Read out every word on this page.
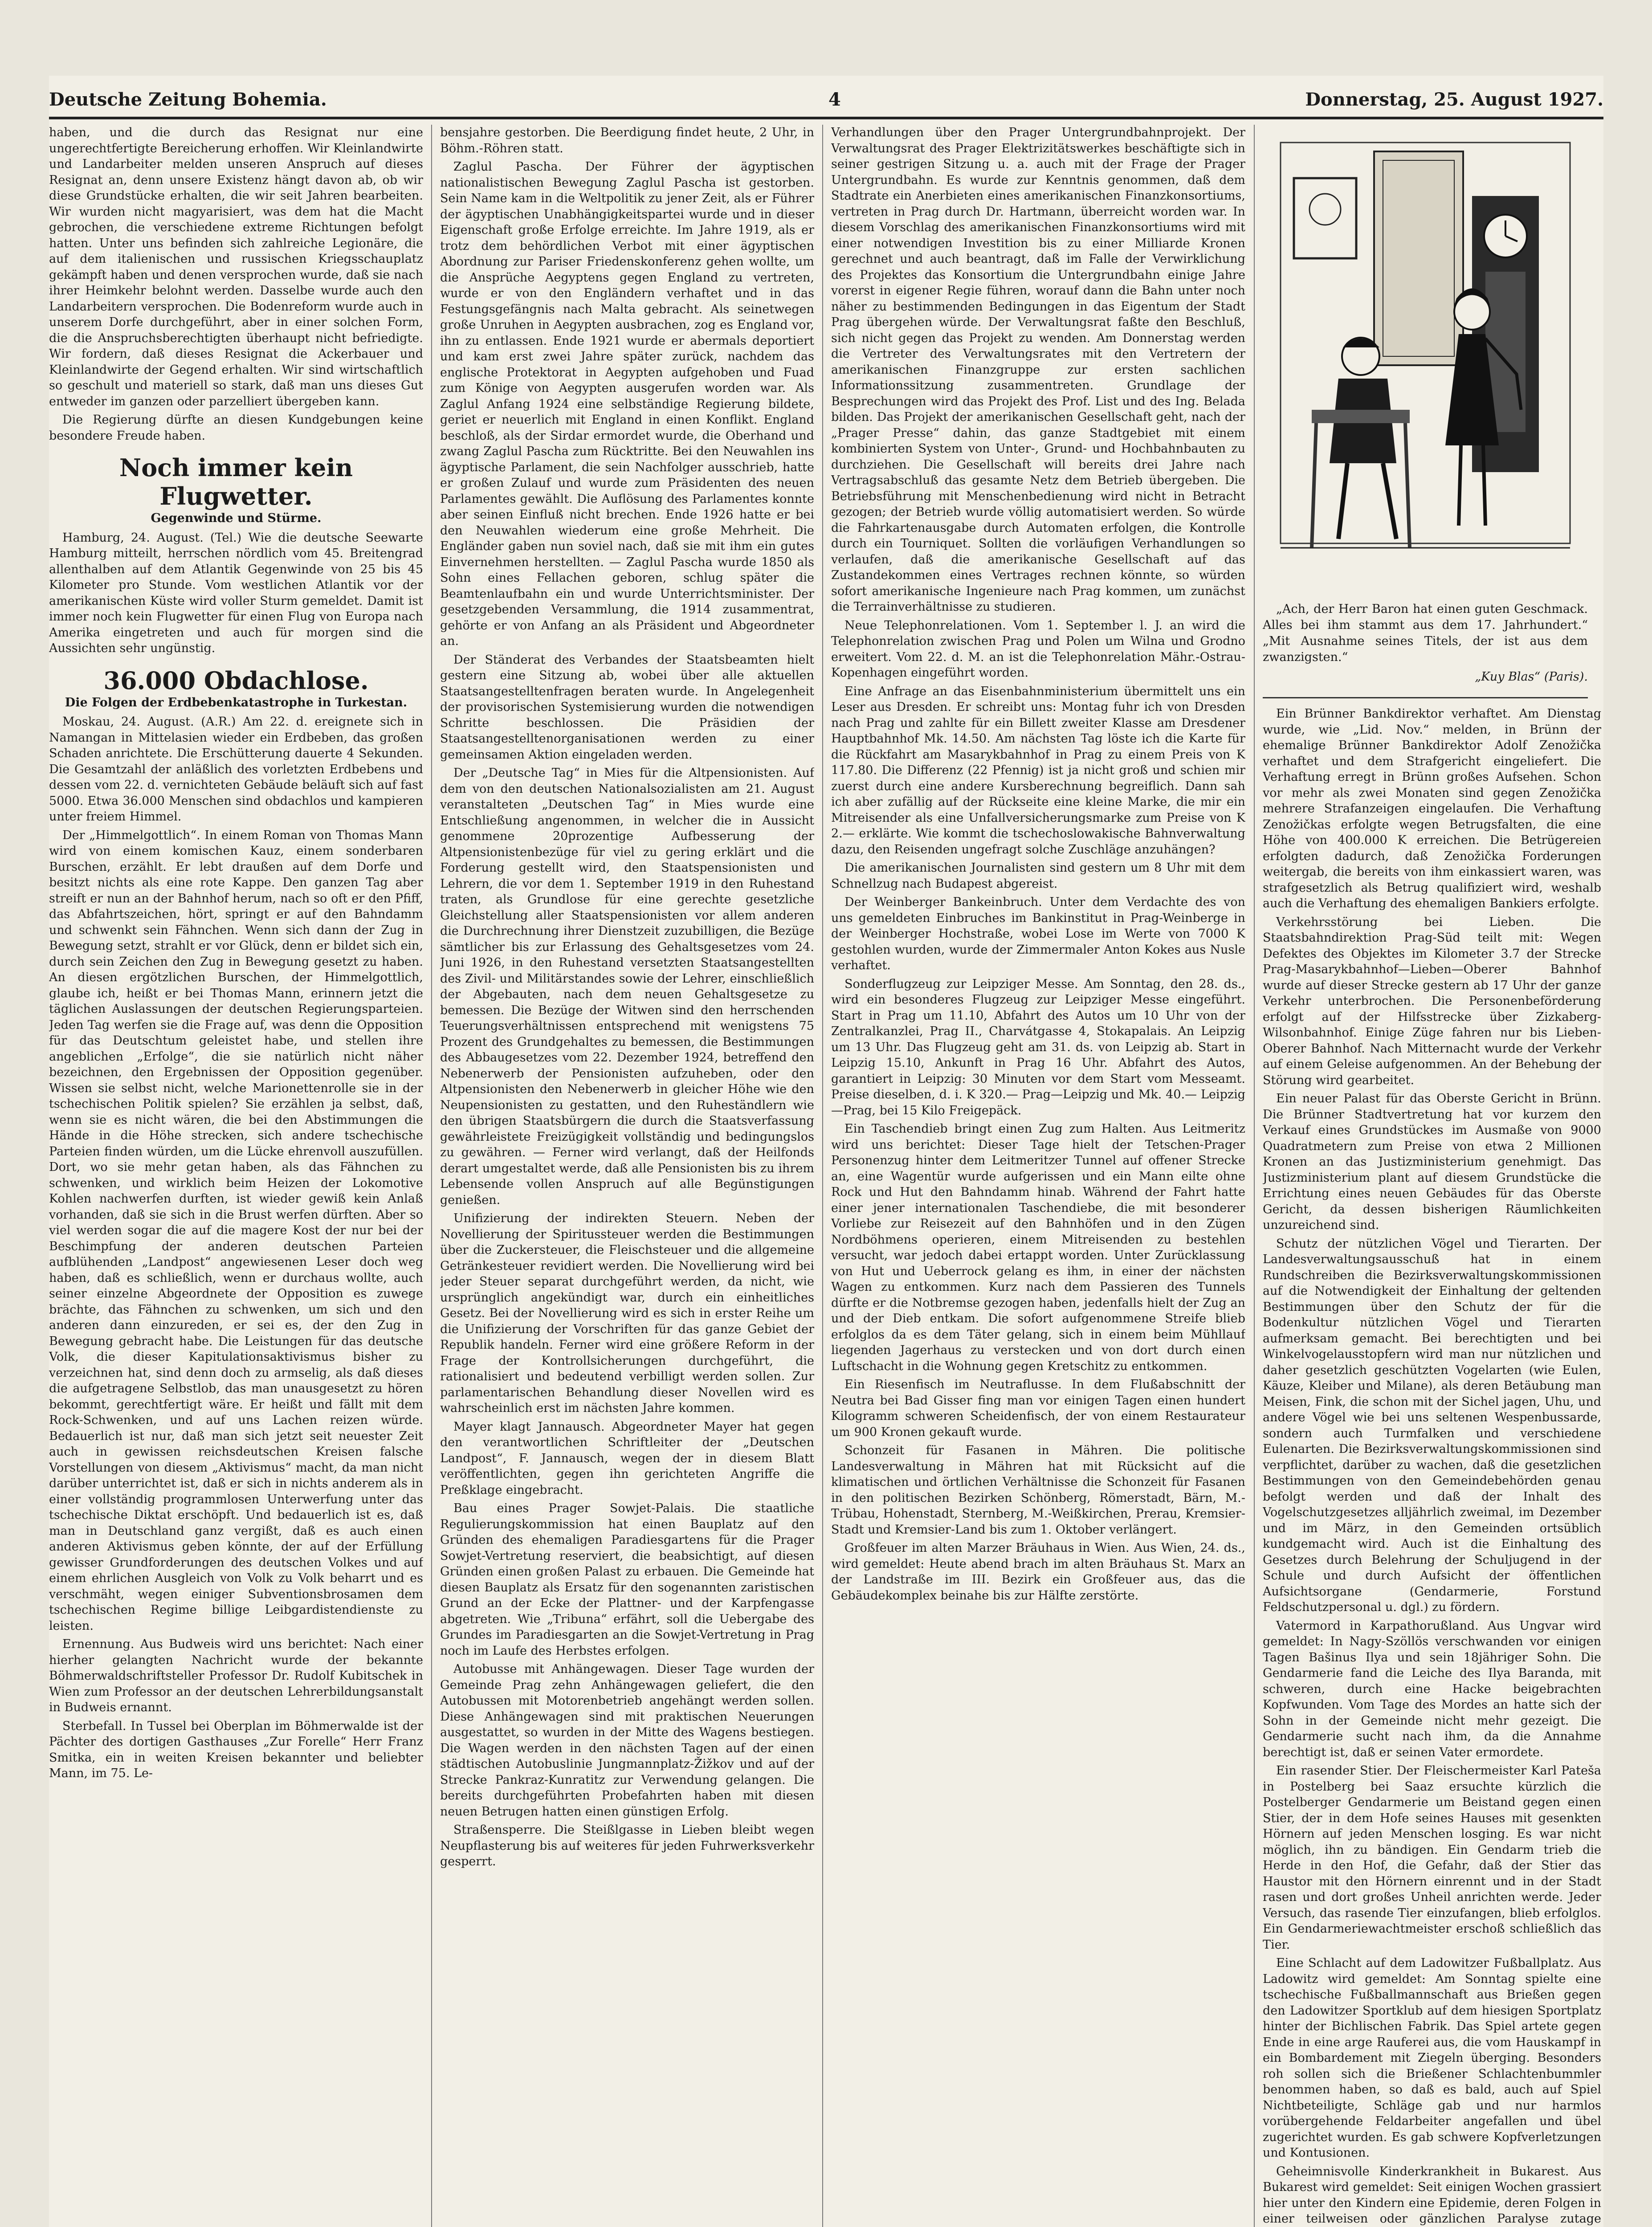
Deutsche Zeitung Bohemia.	4	Donnerstag, 25. August 1927.

haben, und die durch das Resignat nur eine ungerechtfertigte Bereicherung erhoffen. Wir Kleinlandwirte und Landarbeiter melden unseren Anspruch auf dieses Resignat an, denn unsere Existenz hängt davon ab, ob wir diese Grundstücke erhalten, die wir seit Jahren bearbeiten. Wir wurden nicht magyarisiert, was dem hat die Macht gebrochen, die verschiedene extreme Richtungen befolgt hatten. Unter uns befinden sich zahlreiche Legionäre, die auf dem italienischen und russischen Kriegsschauplatz gekämpft haben und denen versprochen wurde, daß sie nach ihrer Heimkehr belohnt werden. Dasselbe wurde auch den Landarbeitern versprochen. Die Bodenreform wurde auch in unserem Dorfe durchgeführt, aber in einer solchen Form, die die Anspruchsberechtigten überhaupt nicht befriedigte. Wir fordern, daß dieses Resignat die Ackerbauer und Kleinlandwirte der Gegend erhalten. Wir sind wirtschaftlich so geschult und materiell so stark, daß man uns dieses Gut entweder im ganzen oder parzelliert übergeben kann.

Die Regierung dürfte an diesen Kundgebungen keine besondere Freude haben.

Noch immer kein Flugwetter.
Gegenwinde und Stürme.

Hamburg, 24. August. (Tel.) Wie die deutsche Seewarte Hamburg mitteilt, herrschen nördlich vom 45. Breitengrad allenthalben auf dem Atlantik Gegenwinde von 25 bis 45 Kilometer pro Stunde. Vom westlichen Atlantik vor der amerikanischen Küste wird voller Sturm gemeldet. Damit ist immer noch kein Flugwetter für einen Flug von Europa nach Amerika eingetreten und auch für morgen sind die Aussichten sehr ungünstig.

36.000 Obdachlose.
Die Folgen der Erdbebenkatastrophe in Turkestan.

Moskau, 24. August. (A.R.) Am 22. d. ereignete sich in Namangan in Mittelasien wieder ein Erdbeben, das großen Schaden anrichtete. Die Erschütterung dauerte 4 Sekunden. Die Gesamtzahl der anläßlich des vorletzten Erdbebens und dessen vom 22. d. vernichteten Gebäude beläuft sich auf fast 5000. Etwa 36.000 Menschen sind obdachlos und kampieren unter freiem Himmel.

Der „Himmelgottlich“. In einem Roman von Thomas Mann wird von einem komischen Kauz, einem sonderbaren Burschen, erzählt. Er lebt draußen auf dem Dorfe und besitzt nichts als eine rote Kappe. Den ganzen Tag aber streift er nun an der Bahnhof herum, nach so oft er den Pfiff, das Abfahrtszeichen, hört, springt er auf den Bahndamm und schwenkt sein Fähnchen. Wenn sich dann der Zug in Bewegung setzt, strahlt er vor Glück, denn er bildet sich ein, durch sein Zeichen den Zug in Bewegung gesetzt zu haben. An diesen ergötzlichen Burschen, der Himmelgottlich, glaube ich, heißt er bei Thomas Mann, erinnern jetzt die täglichen Auslassungen der deutschen Regierungsparteien. Jeden Tag werfen sie die Frage auf, was denn die Opposition für das Deutschtum geleistet habe, und stellen ihre angeblichen „Erfolge“, die sie natürlich nicht näher bezeichnen, den Ergebnissen der Opposition gegenüber. Wissen sie selbst nicht, welche Marionettenrolle sie in der tschechischen Politik spielen? Sie erzählen ja selbst, daß, wenn sie es nicht wären, die bei den Abstimmungen die Hände in die Höhe strecken, sich andere tschechische Parteien finden würden, um die Lücke ehrenvoll auszufüllen. Dort, wo sie mehr getan haben, als das Fähnchen zu schwenken, und wirklich beim Heizen der Lokomotive Kohlen nachwerfen durften, ist wieder gewiß kein Anlaß vorhanden, daß sie sich in die Brust werfen dürften. Aber so viel werden sogar die auf die magere Kost der nur bei der Beschimpfung der anderen deutschen Parteien aufblühenden „Landpost“ angewiesenen Leser doch weg haben, daß es schließlich, wenn er durchaus wollte, auch seiner einzelne Abgeordnete der Opposition es zuwege brächte, das Fähnchen zu schwenken, um sich und den anderen dann einzureden, er sei es, der den Zug in Bewegung gebracht habe. Die Leistungen für das deutsche Volk, die dieser Kapitulationsaktivismus bisher zu verzeichnen hat, sind denn doch zu armselig, als daß dieses die aufgetragene Selbstlob, das man unausgesetzt zu hören bekommt, gerechtfertigt wäre. Er heißt und fällt mit dem Rock-Schwenken, und auf uns Lachen reizen würde. Bedauerlich ist nur, daß man sich jetzt seit neuester Zeit auch in gewissen reichsdeutschen Kreisen falsche Vorstellungen von diesem „Aktivismus“ macht, da man nicht darüber unterrichtet ist, daß er sich in nichts anderem als in einer vollständig programmlosen Unterwerfung unter das tschechische Diktat erschöpft. Und bedauerlich ist es, daß man in Deutschland ganz vergißt, daß es auch einen anderen Aktivismus geben könnte, der auf der Erfüllung gewisser Grundforderungen des deutschen Volkes und auf einem ehrlichen Ausgleich von Volk zu Volk beharrt und es verschmäht, wegen einiger Subventionsbrosamen dem tschechischen Regime billige Leibgardistendienste zu leisten.

Ernennung. Aus Budweis wird uns berichtet: Nach einer hierher gelangten Nachricht wurde der bekannte Böhmerwaldschriftsteller Professor Dr. Rudolf Kubitschek in Wien zum Professor an der deutschen Lehrerbildungsanstalt in Budweis ernannt.

Sterbefall. In Tussel bei Oberplan im Böhmerwalde ist der Pächter des dortigen Gasthauses „Zur Forelle“ Herr Franz Smitka, ein in weiten Kreisen bekannter und beliebter Mann, im 75. Le-

bensjahre gestorben. Die Beerdigung findet heute, 2 Uhr, in Böhm.-Röhren statt.

Zaglul Pascha. Der Führer der ägyptischen nationalistischen Bewegung Zaglul Pascha ist gestorben. Sein Name kam in die Weltpolitik zu jener Zeit, als er Führer der ägyptischen Unabhängigkeitspartei wurde und in dieser Eigenschaft große Erfolge erreichte. Im Jahre 1919, als er trotz dem behördlichen Verbot mit einer ägyptischen Abordnung zur Pariser Friedenskonferenz gehen wollte, um die Ansprüche Aegyptens gegen England zu vertreten, wurde er von den Engländern verhaftet und in das Festungsgefängnis nach Malta gebracht. Als seinetwegen große Unruhen in Aegypten ausbrachen, zog es England vor, ihn zu entlassen. Ende 1921 wurde er abermals deportiert und kam erst zwei Jahre später zurück, nachdem das englische Protektorat in Aegypten aufgehoben und Fuad zum Könige von Aegypten ausgerufen worden war. Als Zaglul Anfang 1924 eine selbständige Regierung bildete, geriet er neuerlich mit England in einen Konflikt. England beschloß, als der Sirdar ermordet wurde, die Oberhand und zwang Zaglul Pascha zum Rücktritte. Bei den Neuwahlen ins ägyptische Parlament, die sein Nachfolger ausschrieb, hatte er großen Zulauf und wurde zum Präsidenten des neuen Parlamentes gewählt. Die Auflösung des Parlamentes konnte aber seinen Einfluß nicht brechen. Ende 1926 hatte er bei den Neuwahlen wiederum eine große Mehrheit. Die Engländer gaben nun soviel nach, daß sie mit ihm ein gutes Einvernehmen herstellten. — Zaglul Pascha wurde 1850 als Sohn eines Fellachen geboren, schlug später die Beamtenlaufbahn ein und wurde Unterrichtsminister. Der gesetzgebenden Versammlung, die 1914 zusammentrat, gehörte er von Anfang an als Präsident und Abgeordneter an.

Der Ständerat des Verbandes der Staatsbeamten hielt gestern eine Sitzung ab, wobei über alle aktuellen Staatsangestelltenfragen beraten wurde. In Angelegenheit der provisorischen Systemisierung wurden die notwendigen Schritte beschlossen. Die Präsidien der Staatsangestelltenorganisationen werden zu einer gemeinsamen Aktion eingeladen werden.

Der „Deutsche Tag“ in Mies für die Altpensionisten. Auf dem von den deutschen Nationalsozialisten am 21. August veranstalteten „Deutschen Tag“ in Mies wurde eine Entschließung angenommen, in welcher die in Aussicht genommene 20prozentige Aufbesserung der Altpensionistenbezüge für viel zu gering erklärt und die Forderung gestellt wird, den Staatspensionisten und Lehrern, die vor dem 1. September 1919 in den Ruhestand traten, als Grundlose für eine gerechte gesetzliche Gleichstellung aller Staatspensionisten vor allem anderen die Durchrechnung ihrer Dienstzeit zuzubilligen, die Bezüge sämtlicher bis zur Erlassung des Gehaltsgesetzes vom 24. Juni 1926, in den Ruhestand versetzten Staatsangestellten des Zivil- und Militärstandes sowie der Lehrer, einschließlich der Abgebauten, nach dem neuen Gehaltsgesetze zu bemessen. Die Bezüge der Witwen sind den herrschenden Teuerungsverhältnissen entsprechend mit wenigstens 75 Prozent des Grundgehaltes zu bemessen, die Bestimmungen des Abbaugesetzes vom 22. Dezember 1924, betreffend den Nebenerwerb der Pensionisten aufzuheben, oder den Altpensionisten den Nebenerwerb in gleicher Höhe wie den Neupensionisten zu gestatten, und den Ruheständlern wie den übrigen Staatsbürgern die durch die Staatsverfassung gewährleistete Freizügigkeit vollständig und bedingungslos zu gewähren. — Ferner wird verlangt, daß der Heilfonds derart umgestaltet werde, daß alle Pensionisten bis zu ihrem Lebensende vollen Anspruch auf alle Begünstigungen genießen.

Unifizierung der indirekten Steuern. Neben der Novellierung der Spiritussteuer werden die Bestimmungen über die Zuckersteuer, die Fleischsteuer und die allgemeine Getränkesteuer revidiert werden. Die Novellierung wird bei jeder Steuer separat durchgeführt werden, da nicht, wie ursprünglich angekündigt war, durch ein einheitliches Gesetz. Bei der Novellierung wird es sich in erster Reihe um die Unifizierung der Vorschriften für das ganze Gebiet der Republik handeln. Ferner wird eine größere Reform in der Frage der Kontrollsicherungen durchgeführt, die rationalisiert und bedeutend verbilligt werden sollen. Zur parlamentarischen Behandlung dieser Novellen wird es wahrscheinlich erst im nächsten Jahre kommen.

Mayer klagt Jannausch. Abgeordneter Mayer hat gegen den verantwortlichen Schriftleiter der „Deutschen Landpost“, F. Jannausch, wegen der in diesem Blatt veröffentlichten, gegen ihn gerichteten Angriffe die Preßklage eingebracht.

Bau eines Prager Sowjet-Palais. Die staatliche Regulierungskommission hat einen Bauplatz auf den Gründen des ehemaligen Paradiesgartens für die Prager Sowjet-Vertretung reserviert, die beabsichtigt, auf diesen Gründen einen großen Palast zu erbauen. Die Gemeinde hat diesen Bauplatz als Ersatz für den sogenannten zaristischen Grund an der Ecke der Plattner- und der Karpfengasse abgetreten. Wie „Tribuna“ erfährt, soll die Uebergabe des Grundes im Paradiesgarten an die Sowjet-Vertretung in Prag noch im Laufe des Herbstes erfolgen.

Autobusse mit Anhängewagen. Dieser Tage wurden der Gemeinde Prag zehn Anhängewagen geliefert, die den Autobussen mit Motorenbetrieb angehängt werden sollen. Diese Anhängewagen sind mit praktischen Neuerungen ausgestattet, so wurden in der Mitte des Wagens bestiegen. Die Wagen werden in den nächsten Tagen auf der einen städtischen Autobuslinie Jungmannplatz-Žižkov und auf der Strecke Pankraz-Kunratitz zur Verwendung gelangen. Die bereits durchgeführten Probefahrten haben mit diesen neuen Betrugen hatten einen günstigen Erfolg.

Straßensperre. Die Steißlgasse in Lieben bleibt wegen Neupflasterung bis auf weiteres für jeden Fuhrwerksverkehr gesperrt.

Verhandlungen über den Prager Untergrundbahnprojekt. Der Verwaltungsrat des Prager Elektrizitätswerkes beschäftigte sich in seiner gestrigen Sitzung u. a. auch mit der Frage der Prager Untergrundbahn. Es wurde zur Kenntnis genommen, daß dem Stadtrate ein Anerbieten eines amerikanischen Finanzkonsortiums, vertreten in Prag durch Dr. Hartmann, überreicht worden war. In diesem Vorschlag des amerikanischen Finanzkonsortiums wird mit einer notwendigen Investition bis zu einer Milliarde Kronen gerechnet und auch beantragt, daß im Falle der Verwirklichung des Projektes das Konsortium die Untergrundbahn einige Jahre vorerst in eigener Regie führen, worauf dann die Bahn unter noch näher zu bestimmenden Bedingungen in das Eigentum der Stadt Prag übergehen würde. Der Verwaltungsrat faßte den Beschluß, sich nicht gegen das Projekt zu wenden. Am Donnerstag werden die Vertreter des Verwaltungsrates mit den Vertretern der amerikanischen Finanzgruppe zur ersten sachlichen Informationssitzung zusammentreten. Grundlage der Besprechungen wird das Projekt des Prof. List und des Ing. Belada bilden. Das Projekt der amerikanischen Gesellschaft geht, nach der „Prager Presse“ dahin, das ganze Stadtgebiet mit einem kombinierten System von Unter-, Grund- und Hochbahnbauten zu durchziehen. Die Gesellschaft will bereits drei Jahre nach Vertragsabschluß das gesamte Netz dem Betrieb übergeben. Die Betriebsführung mit Menschenbedienung wird nicht in Betracht gezogen; der Betrieb wurde völlig automatisiert werden. So würde die Fahrkartenausgabe durch Automaten erfolgen, die Kontrolle durch ein Tourniquet. Sollten die vorläufigen Verhandlungen so verlaufen, daß die amerikanische Gesellschaft auf das Zustandekommen eines Vertrages rechnen könnte, so würden sofort amerikanische Ingenieure nach Prag kommen, um zunächst die Terrainverhältnisse zu studieren.

Neue Telephonrelationen. Vom 1. September l. J. an wird die Telephonrelation zwischen Prag und Polen um Wilna und Grodno erweitert. Vom 22. d. M. an ist die Telephonrelation Mähr.-Ostrau-Kopenhagen eingeführt worden.

Eine Anfrage an das Eisenbahnministerium übermittelt uns ein Leser aus Dresden. Er schreibt uns: Montag fuhr ich von Dresden nach Prag und zahlte für ein Billett zweiter Klasse am Dresdener Hauptbahnhof Mk. 14.50. Am nächsten Tag löste ich die Karte für die Rückfahrt am Masarykbahnhof in Prag zu einem Preis von K 117.80. Die Differenz (22 Pfennig) ist ja nicht groß und schien mir zuerst durch eine andere Kursberechnung begreiflich. Dann sah ich aber zufällig auf der Rückseite eine kleine Marke, die mir ein Mitreisender als eine Unfallversicherungsmarke zum Preise von K 2.— erklärte. Wie kommt die tschechoslowakische Bahnverwaltung dazu, den Reisenden ungefragt solche Zuschläge anzuhängen?

Die amerikanischen Journalisten sind gestern um 8 Uhr mit dem Schnellzug nach Budapest abgereist.

Der Weinberger Bankeinbruch. Unter dem Verdachte des von uns gemeldeten Einbruches im Bankinstitut in Prag-Weinberge in der Weinberger Hochstraße, wobei Lose im Werte von 7000 K gestohlen wurden, wurde der Zimmermaler Anton Kokes aus Nusle verhaftet.

Sonderflugzeug zur Leipziger Messe. Am Sonntag, den 28. ds., wird ein besonderes Flugzeug zur Leipziger Messe eingeführt. Start in Prag um 11.10, Abfahrt des Autos um 10 Uhr von der Zentralkanzlei, Prag II., Charvátgasse 4, Stokapalais. An Leipzig um 13 Uhr. Das Flugzeug geht am 31. ds. von Leipzig ab. Start in Leipzig 15.10, Ankunft in Prag 16 Uhr. Abfahrt des Autos, garantiert in Leipzig: 30 Minuten vor dem Start vom Messeamt. Preise dieselben, d. i. K 320.— Prag—Leipzig und Mk. 40.— Leipzig—Prag, bei 15 Kilo Freigepäck.

Ein Taschendieb bringt einen Zug zum Halten. Aus Leitmeritz wird uns berichtet: Dieser Tage hielt der Tetschen-Prager Personenzug hinter dem Leitmeritzer Tunnel auf offener Strecke an, eine Wagentür wurde aufgerissen und ein Mann eilte ohne Rock und Hut den Bahndamm hinab. Während der Fahrt hatte einer jener internationalen Taschendiebe, die mit besonderer Vorliebe zur Reisezeit auf den Bahnhöfen und in den Zügen Nordböhmens operieren, einem Mitreisenden zu bestehlen versucht, war jedoch dabei ertappt worden. Unter Zurücklassung von Hut und Ueberrock gelang es ihm, in einer der nächsten Wagen zu entkommen. Kurz nach dem Passieren des Tunnels dürfte er die Notbremse gezogen haben, jedenfalls hielt der Zug an und der Dieb entkam. Die sofort aufgenommene Streife blieb erfolglos da es dem Täter gelang, sich in einem beim Mühllauf liegenden Jagerhaus zu verstecken und von dort durch einen Luftschacht in die Wohnung gegen Kretschitz zu entkommen.

Ein Riesenfisch im Neutraflusse. In dem Flußabschnitt der Neutra bei Bad Gisser fing man vor einigen Tagen einen hundert Kilogramm schweren Scheidenfisch, der von einem Restaurateur um 900 Kronen gekauft wurde.

Schonzeit für Fasanen in Mähren. Die politische Landesverwaltung in Mähren hat mit Rücksicht auf die klimatischen und örtlichen Verhältnisse die Schonzeit für Fasanen in den politischen Bezirken Schönberg, Römerstadt, Bärn, M.-Trübau, Hohenstadt, Sternberg, M.-Weißkirchen, Prerau, Kremsier-Stadt und Kremsier-Land bis zum 1. Oktober verlängert.

Großfeuer im alten Marzer Bräuhaus in Wien. Aus Wien, 24. ds., wird gemeldet: Heute abend brach im alten Bräuhaus St. Marx an der Landstraße im III. Bezirk ein Großfeuer aus, das die Gebäudekomplex beinahe bis zur Hälfte zerstörte.

„Ach, der Herr Baron hat einen guten Geschmack. Alles bei ihm stammt aus dem 17. Jahrhundert.“ „Mit Ausnahme seines Titels, der ist aus dem zwanzigsten.“

„Kuy Blas“ (Paris).

Ein Brünner Bankdirektor verhaftet. Am Dienstag wurde, wie „Lid. Nov.“ melden, in Brünn der ehemalige Brünner Bankdirektor Adolf Zenožička verhaftet und dem Strafgericht eingeliefert. Die Verhaftung erregt in Brünn großes Aufsehen. Schon vor mehr als zwei Monaten sind gegen Zenožička mehrere Strafanzeigen eingelaufen. Die Verhaftung Zenožičkas erfolgte wegen Betrugsfalten, die eine Höhe von 400.000 K erreichen. Die Betrügereien erfolgten dadurch, daß Zenožička Forderungen weitergab, die bereits von ihm einkassiert waren, was strafgesetzlich als Betrug qualifiziert wird, weshalb auch die Verhaftung des ehemaligen Bankiers erfolgte.

Verkehrsstörung bei Lieben. Die Staatsbahndirektion Prag-Süd teilt mit: Wegen Defektes des Objektes im Kilometer 3.7 der Strecke Prag-Masarykbahnhof—Lieben—Oberer Bahnhof wurde auf dieser Strecke gestern ab 17 Uhr der ganze Verkehr unterbrochen. Die Personenbeförderung erfolgt auf der Hilfsstrecke über Zizkaberg-Wilsonbahnhof. Einige Züge fahren nur bis Lieben-Oberer Bahnhof. Nach Mitternacht wurde der Verkehr auf einem Geleise aufgenommen. An der Behebung der Störung wird gearbeitet.

Ein neuer Palast für das Oberste Gericht in Brünn. Die Brünner Stadtvertretung hat vor kurzem den Verkauf eines Grundstückes im Ausmaße von 9000 Quadratmetern zum Preise von etwa 2 Millionen Kronen an das Justizministerium genehmigt. Das Justizministerium plant auf diesem Grundstücke die Errichtung eines neuen Gebäudes für das Oberste Gericht, da dessen bisherigen Räumlichkeiten unzureichend sind.

Schutz der nützlichen Vögel und Tierarten. Der Landesverwaltungsausschuß hat in einem Rundschreiben die Bezirksverwaltungskommissionen auf die Notwendigkeit der Einhaltung der geltenden Bestimmungen über den Schutz der für die Bodenkultur nützlichen Vögel und Tierarten aufmerksam gemacht. Bei berechtigten und bei Winkelvogelausstopfern wird man nur nützlichen und daher gesetzlich geschützten Vogelarten (wie Eulen, Käuze, Kleiber und Milane), als deren Betäubung man Meisen, Fink, die schon mit der Sichel jagen, Uhu, und andere Vögel wie bei uns seltenen Wespenbussarde, sondern auch Turmfalken und verschiedene Eulenarten. Die Bezirksverwaltungskommissionen sind verpflichtet, darüber zu wachen, daß die gesetzlichen Bestimmungen von den Gemeindebehörden genau befolgt werden und daß der Inhalt des Vogelschutzgesetzes alljährlich zweimal, im Dezember und im März, in den Gemeinden ortsüblich kundgemacht wird. Auch ist die Einhaltung des Gesetzes durch Belehrung der Schuljugend in der Schule und durch Aufsicht der öffentlichen Aufsichtsorgane (Gendarmerie, Forstund Feldschutzpersonal u. dgl.) zu fördern.

Vatermord in Karpathorußland. Aus Ungvar wird gemeldet: In Nagy-Szöllös verschwanden vor einigen Tagen Bašinus Ilya und sein 18jähriger Sohn. Die Gendarmerie fand die Leiche des Ilya Baranda, mit schweren, durch eine Hacke beigebrachten Kopfwunden. Vom Tage des Mordes an hatte sich der Sohn in der Gemeinde nicht mehr gezeigt. Die Gendarmerie sucht nach ihm, da die Annahme berechtigt ist, daß er seinen Vater ermordete.

Ein rasender Stier. Der Fleischermeister Karl Pateša in Postelberg bei Saaz ersuchte kürzlich die Postelberger Gendarmerie um Beistand gegen einen Stier, der in dem Hofe seines Hauses mit gesenkten Hörnern auf jeden Menschen losging. Es war nicht möglich, ihn zu bändigen. Ein Gendarm trieb die Herde in den Hof, die Gefahr, daß der Stier das Haustor mit den Hörnern einrennt und in der Stadt rasen und dort großes Unheil anrichten werde. Jeder Versuch, das rasende Tier einzufangen, blieb erfolglos. Ein Gendarmeriewachtmeister erschoß schließlich das Tier.

Eine Schlacht auf dem Ladowitzer Fußballplatz. Aus Ladowitz wird gemeldet: Am Sonntag spielte eine tschechische Fußballmannschaft aus Brießen gegen den Ladowitzer Sportklub auf dem hiesigen Sportplatz hinter der Bichlischen Fabrik. Das Spiel artete gegen Ende in eine arge Rauferei aus, die vom Hauskampf in ein Bombardement mit Ziegeln überging. Besonders roh sollen sich die Brießener Schlachtenbummler benommen haben, so daß es bald, auch auf Spiel Nichtbeteiligte, Schläge gab und nur harmlos vorübergehende Feldarbeiter angefallen und übel zugerichtet wurden. Es gab schwere Kopfverletzungen und Kontusionen.

Geheimnisvolle Kinderkrankheit in Bukarest. Aus Bukarest wird gemeldet: Seit einigen Wochen grassiert hier unter den Kindern eine Epidemie, deren Folgen in einer teilweisen oder gänzlichen Paralyse zutage
